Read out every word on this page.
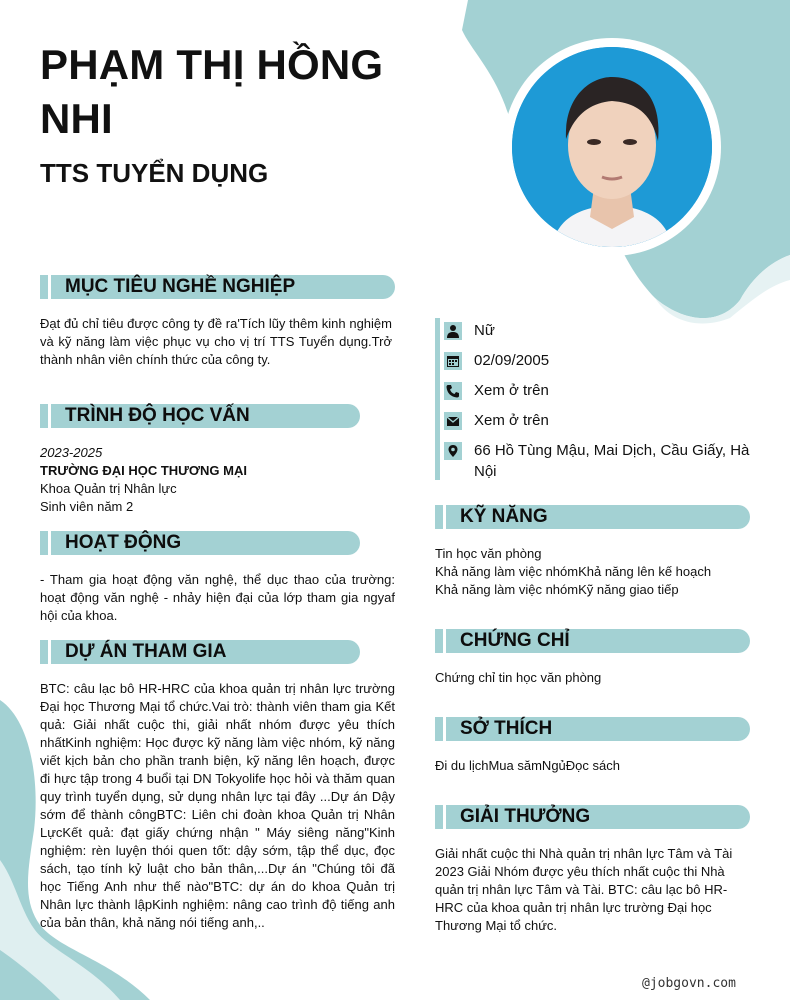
PHẠM THỊ HỒNG NHI
TTS TUYỂN DỤNG
MỤC TIÊU NGHỀ NGHIỆP
Đạt đủ chỉ tiêu được công ty đề ra'Tích lũy thêm kinh nghiệm và kỹ năng làm việc phục vụ cho vị trí TTS Tuyển dụng.Trở thành nhân viên chính thức của công ty.
TRÌNH ĐỘ HỌC VẤN
2023-2025
TRƯỜNG ĐẠI HỌC THƯƠNG MẠI
Khoa Quản trị Nhân lực
Sinh viên năm 2
HOẠT ĐỘNG
- Tham gia hoạt động văn nghệ, thể dục thao của trường: hoạt động văn nghệ - nhảy hiện đại của lớp tham gia ngyaf hội của khoa.
DỰ ÁN THAM GIA
BTC: câu lạc bô HR-HRC của khoa quản trị nhân lực trường Đại học Thương Mại tổ chức.Vai trò: thành viên tham gia Kết quả: Giải nhất cuộc thi, giải nhất nhóm được yêu thích nhấtKinh nghiệm: Học được kỹ năng làm việc nhóm, kỹ năng viết kịch bản cho phần tranh biện, kỹ năng lên hoạch, được đi hực tập trong 4 buổi tại DN Tokyolife học hỏi và thăm quan quy trình tuyển dụng, sử dụng nhân lực tại đây ...Dự án Dậy sớm để thành côngBTC: Liên chi đoàn khoa Quản trị Nhân LựcKết quả: đạt giấy chứng nhận " Máy siêng năng"Kinh nghiệm: rèn luyện thói quen tốt: dậy sớm, tập thể dục, đọc sách, tạo tính kỷ luật cho bản thân,...Dự án "Chúng tôi đã học Tiếng Anh như thế nào"BTC: dự án do khoa Quản trị Nhân lực thành lậpKinh nghiệm: nâng cao trình độ tiếng anh của bản thân, khả năng nói tiếng anh,..
Nữ
02/09/2005
Xem ở trên
Xem ở trên
66 Hồ Tùng Mậu, Mai Dịch, Cầu Giấy, Hà Nội
KỸ NĂNG
Tin học văn phòng
Khả năng làm việc nhómKhả năng lên kế hoạch
Khả năng làm việc nhómKỹ năng giao tiếp
CHỨNG CHỈ
Chứng chỉ tin học văn phòng
SỞ THÍCH
Đi du lịchMua sămNgủĐọc sách
GIẢI THƯỞNG
Giải nhất cuộc thi Nhà quản trị nhân lực Tâm và Tài 2023 Giải Nhóm được yêu thích nhất cuộc thi Nhà quản trị nhân lực Tâm và Tài. BTC: câu lạc bô HR-HRC của khoa quản trị nhân lực trường Đại học Thương Mại tổ chức.
@jobgovn.com
